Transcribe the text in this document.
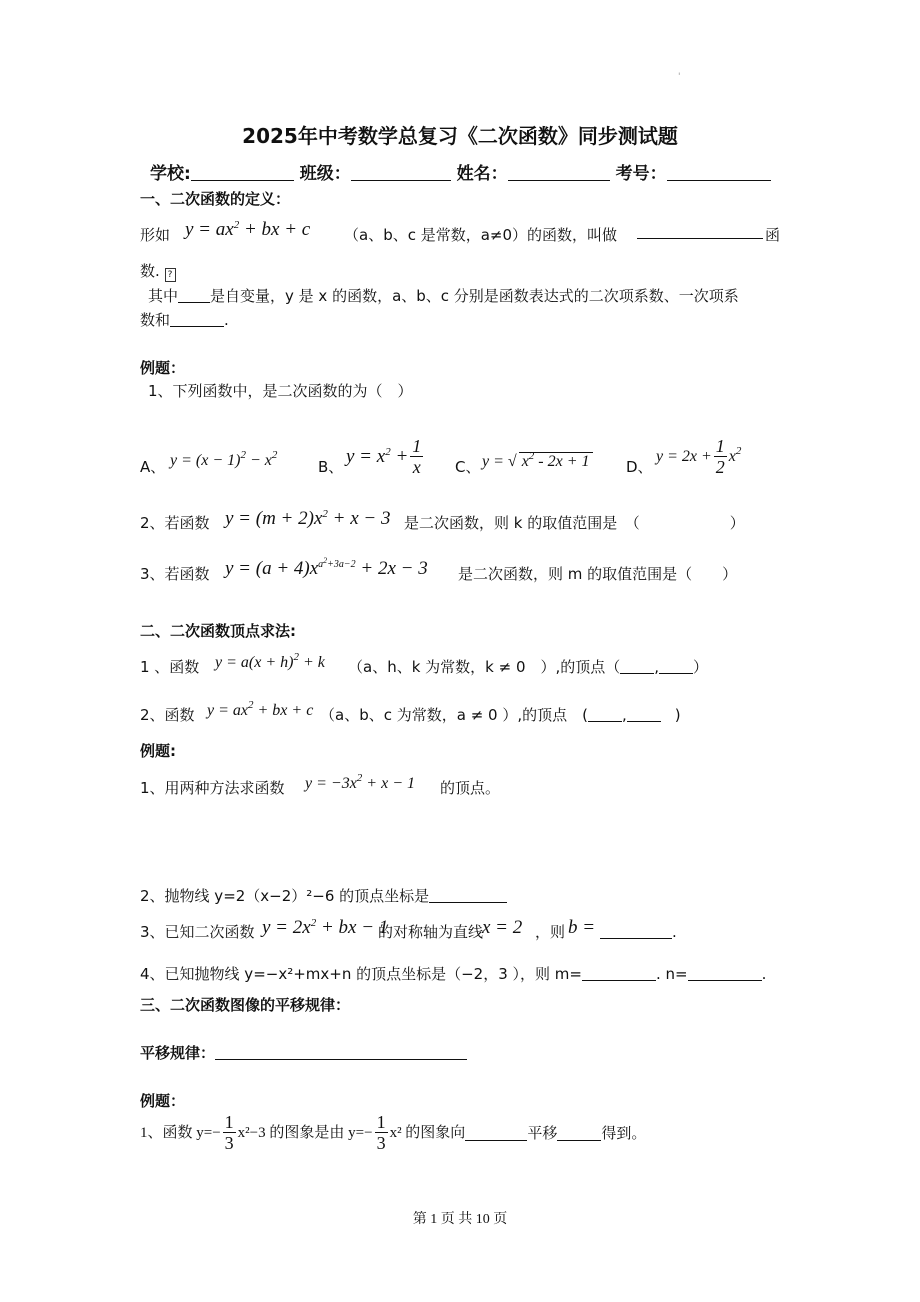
'
2025年中考数学总复习《二次函数》同步测试题
学校:	班级：	姓名：	考号：
一、二次函数的定义：
形如 $y = ax^2$ + bx + c （a、b、c 是常数，a≠0）的函数，叫做	函
数. ?
其中 是自变量，y 是 x 的函数，a、b、c 分别是函数表达式的二次项系数、一次项系
数和	.
例题：
1、下列函数中，是二次函数的为（　）
A、 $y = (x - 1)^2 - x^2$
B、
$y = x^2 + \frac{1}{x}$ C、 y = √ $x^2 - 2x + 1$ D、
$y = 2x + \frac{1}{2} x^2$
2、若函数 $y = (m + 2)x^2 + x - 3$ 是二次函数，则 k 的取值范围是　（　　　　　　）
3、若函数 $y = (a + 4)x^{a^2+3a-2} + 2x - 3$ 是二次函数，则 m 的取值范围是（　　）
二、二次函数顶点求法:
1 、函数 $y = a(x + h)^2 + k$ （a、h、k 为常数，k ≠ 0　）,的顶点（ , ）
2、函数 $y = ax^2$ + bx + c （a、b、c 为常数，a ≠ 0 ）,的顶点　( ,	)
例题:
1、用两种方法求函数 $y = -3x^2 + x - 1$ 的顶点。
2、抛物线 y=2（x−2）²−6 的顶点坐标是
3、已知二次函数 $y = 2x^2$ + bx − 1
的对称轴为直线
x = 2 ，则 b =	.
4、已知抛物线 y=−x²+mx+n 的顶点坐标是（−2，3 ），则 m=	. n=	.
三、二次函数图像的平移规律：
平移规律：
例题：
1、函数 $y=- \frac{1}{3} x^2-3$ 的图象是由 $y=- \frac{1}{3} x^2$ 的图象向	平移	得到。
第 1 页 共 10 页
